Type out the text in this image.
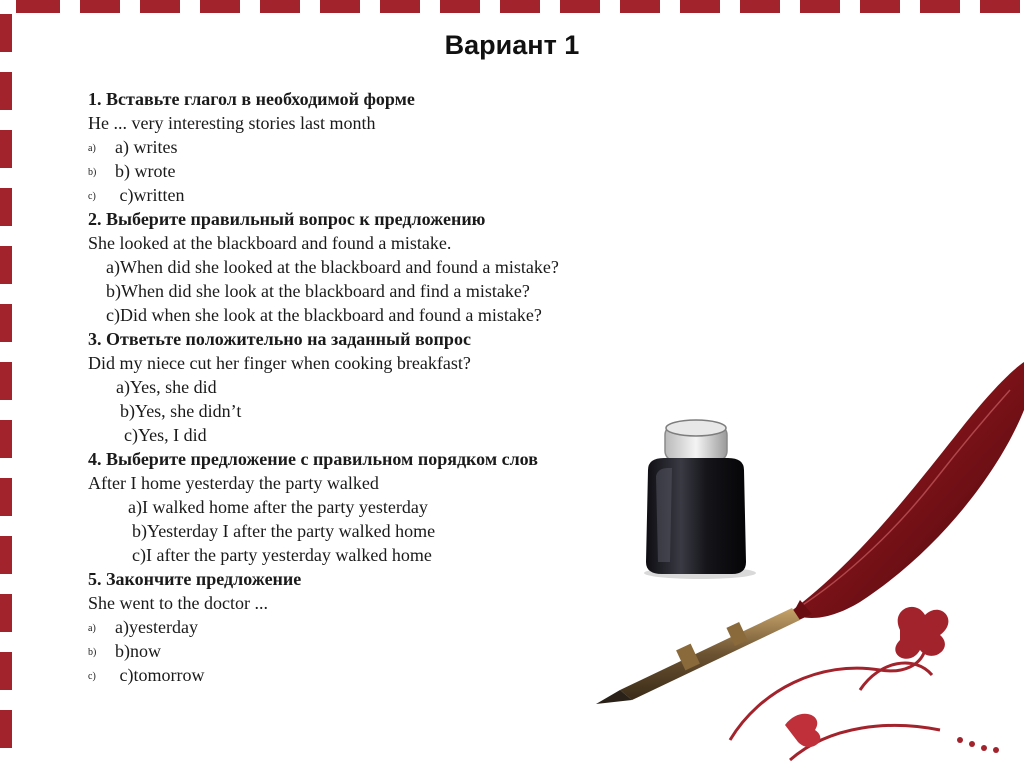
Вариант 1
1. Вставьте глагол в необходимой форме
He ... very interesting stories last month
a) a) writes
b) b) wrote
c) c)written
2. Выберите правильный вопрос к предложению
She looked at the blackboard and found a mistake.
a)When did she looked at the blackboard and found a mistake?
b)When did she look at the blackboard and find a mistake?
c)Did when she look at the blackboard and found a mistake?
3. Ответьте положительно на заданный вопрос
Did my niece cut her finger when cooking breakfast?
a)Yes, she did
b)Yes, she didn’t
c)Yes, I did
4. Выберите предложение с правильном порядком слов
After I home yesterday the party walked
a)I walked home after the party yesterday
b)Yesterday I after the party walked home
c)I after the party yesterday walked home
5. Закончите предложение
She went to the doctor ...
a) a)yesterday
b) b)now
c) c)tomorrow
